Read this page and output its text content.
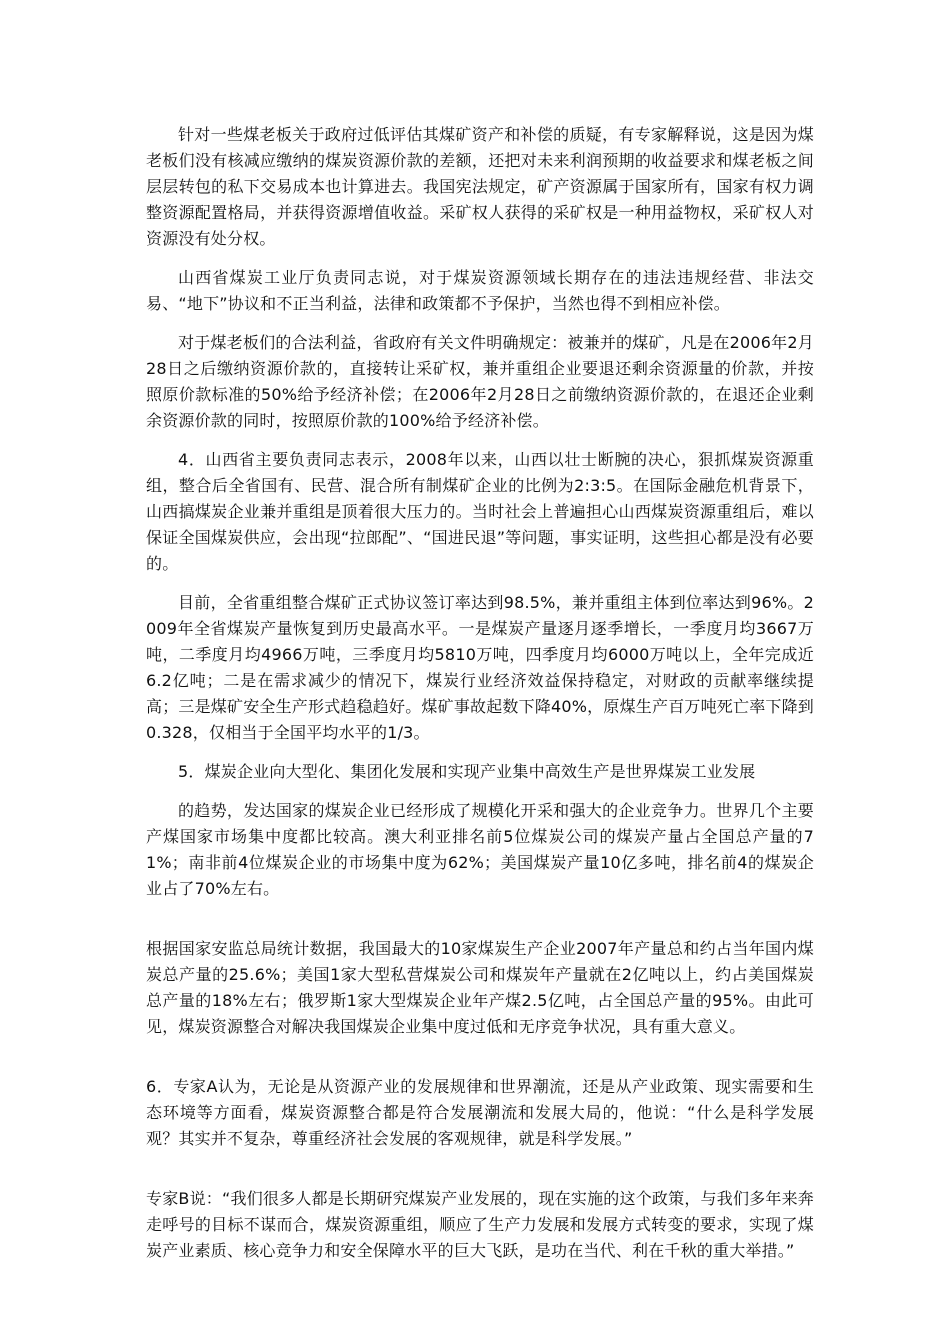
针对一些煤老板关于政府过低评估其煤矿资产和补偿的质疑，有专家解释说，这是因为煤老板们没有核减应缴纳的煤炭资源价款的差额，还把对未来利润预期的收益要求和煤老板之间层层转包的私下交易成本也计算进去。我国宪法规定，矿产资源属于国家所有，国家有权力调整资源配置格局，并获得资源增值收益。采矿权人获得的采矿权是一种用益物权，采矿权人对资源没有处分权。

山西省煤炭工业厅负责同志说，对于煤炭资源领域长期存在的违法违规经营、非法交易、“地下”协议和不正当利益，法律和政策都不予保护，当然也得不到相应补偿。

对于煤老板们的合法利益，省政府有关文件明确规定：被兼并的煤矿，凡是在2006年2月28日之后缴纳资源价款的，直接转让采矿权，兼并重组企业要退还剩余资源量的价款，并按照原价款标准的50%给予经济补偿；在2006年2月28日之前缴纳资源价款的，在退还企业剩余资源价款的同时，按照原价款的100%给予经济补偿。

4．山西省主要负责同志表示，2008年以来，山西以壮士断腕的决心，狠抓煤炭资源重组，整合后全省国有、民营、混合所有制煤矿企业的比例为2:3:5。在国际金融危机背景下，山西搞煤炭企业兼并重组是顶着很大压力的。当时社会上普遍担心山西煤炭资源重组后，难以保证全国煤炭供应，会出现“拉郎配”、“国进民退”等问题，事实证明，这些担心都是没有必要的。

目前，全省重组整合煤矿正式协议签订率达到98.5%，兼并重组主体到位率达到96%。2009年全省煤炭产量恢复到历史最高水平。一是煤炭产量逐月逐季增长，一季度月均3667万吨，二季度月均4966万吨，三季度月均5810万吨，四季度月均6000万吨以上，全年完成近6.2亿吨；二是在需求减少的情况下，煤炭行业经济效益保持稳定，对财政的贡献率继续提高；三是煤矿安全生产形式趋稳趋好。煤矿事故起数下降40%，原煤生产百万吨死亡率下降到0.328，仅相当于全国平均水平的1/3。

5．煤炭企业向大型化、集团化发展和实现产业集中高效生产是世界煤炭工业发展

的趋势，发达国家的煤炭企业已经形成了规模化开采和强大的企业竞争力。世界几个主要产煤国家市场集中度都比较高。澳大利亚排名前5位煤炭公司的煤炭产量占全国总产量的71%；南非前4位煤炭企业的市场集中度为62%；美国煤炭产量10亿多吨，排名前4的煤炭企业占了70%左右。

根据国家安监总局统计数据，我国最大的10家煤炭生产企业2007年产量总和约占当年国内煤炭总产量的25.6%；美国1家大型私营煤炭公司和煤炭年产量就在2亿吨以上，约占美国煤炭总产量的18%左右；俄罗斯1家大型煤炭企业年产煤2.5亿吨，占全国总产量的95%。由此可见，煤炭资源整合对解决我国煤炭企业集中度过低和无序竞争状况，具有重大意义。

6．专家A认为，无论是从资源产业的发展规律和世界潮流，还是从产业政策、现实需要和生态环境等方面看，煤炭资源整合都是符合发展潮流和发展大局的，他说：“什么是科学发展观？其实并不复杂，尊重经济社会发展的客观规律，就是科学发展。”

专家B说：“我们很多人都是长期研究煤炭产业发展的，现在实施的这个政策，与我们多年来奔走呼号的目标不谋而合，煤炭资源重组，顺应了生产力发展和发展方式转变的要求，实现了煤炭产业素质、核心竞争力和安全保障水平的巨大飞跃，是功在当代、利在千秋的重大举措。”
